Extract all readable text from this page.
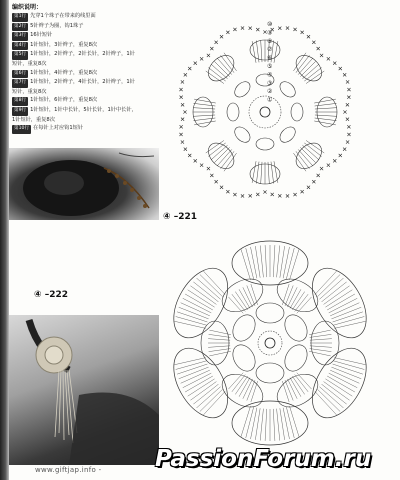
编织说明：
第1行 先穿1个珠子在带来的线里面
第2行 5针辫子为圈，钩1珠子
第3行 16针短针
第4行 1针短针，3针辫子，重复8次
第5行 1针短针，2针辫子，2针长针，2针辫子，1针
短针，重复8次
第6行 1针短针，4针辫子，重复8次
第7行 1针短针，2针辫子，4针长针，2针辫子，1针
短针，重复8次
第8行 1针短针，6针辫子，重复8次
第9行 1针短针，1针中长针，5针长针，1针中长针，
1针短针，重复8次
第10行 在每针上对应钩1短针
④ –221
④ –222
⑩
⑨
⑧
⑦
⑥
⑤
④
③
②
①
www.giftjap.info - PassionForum.ru
